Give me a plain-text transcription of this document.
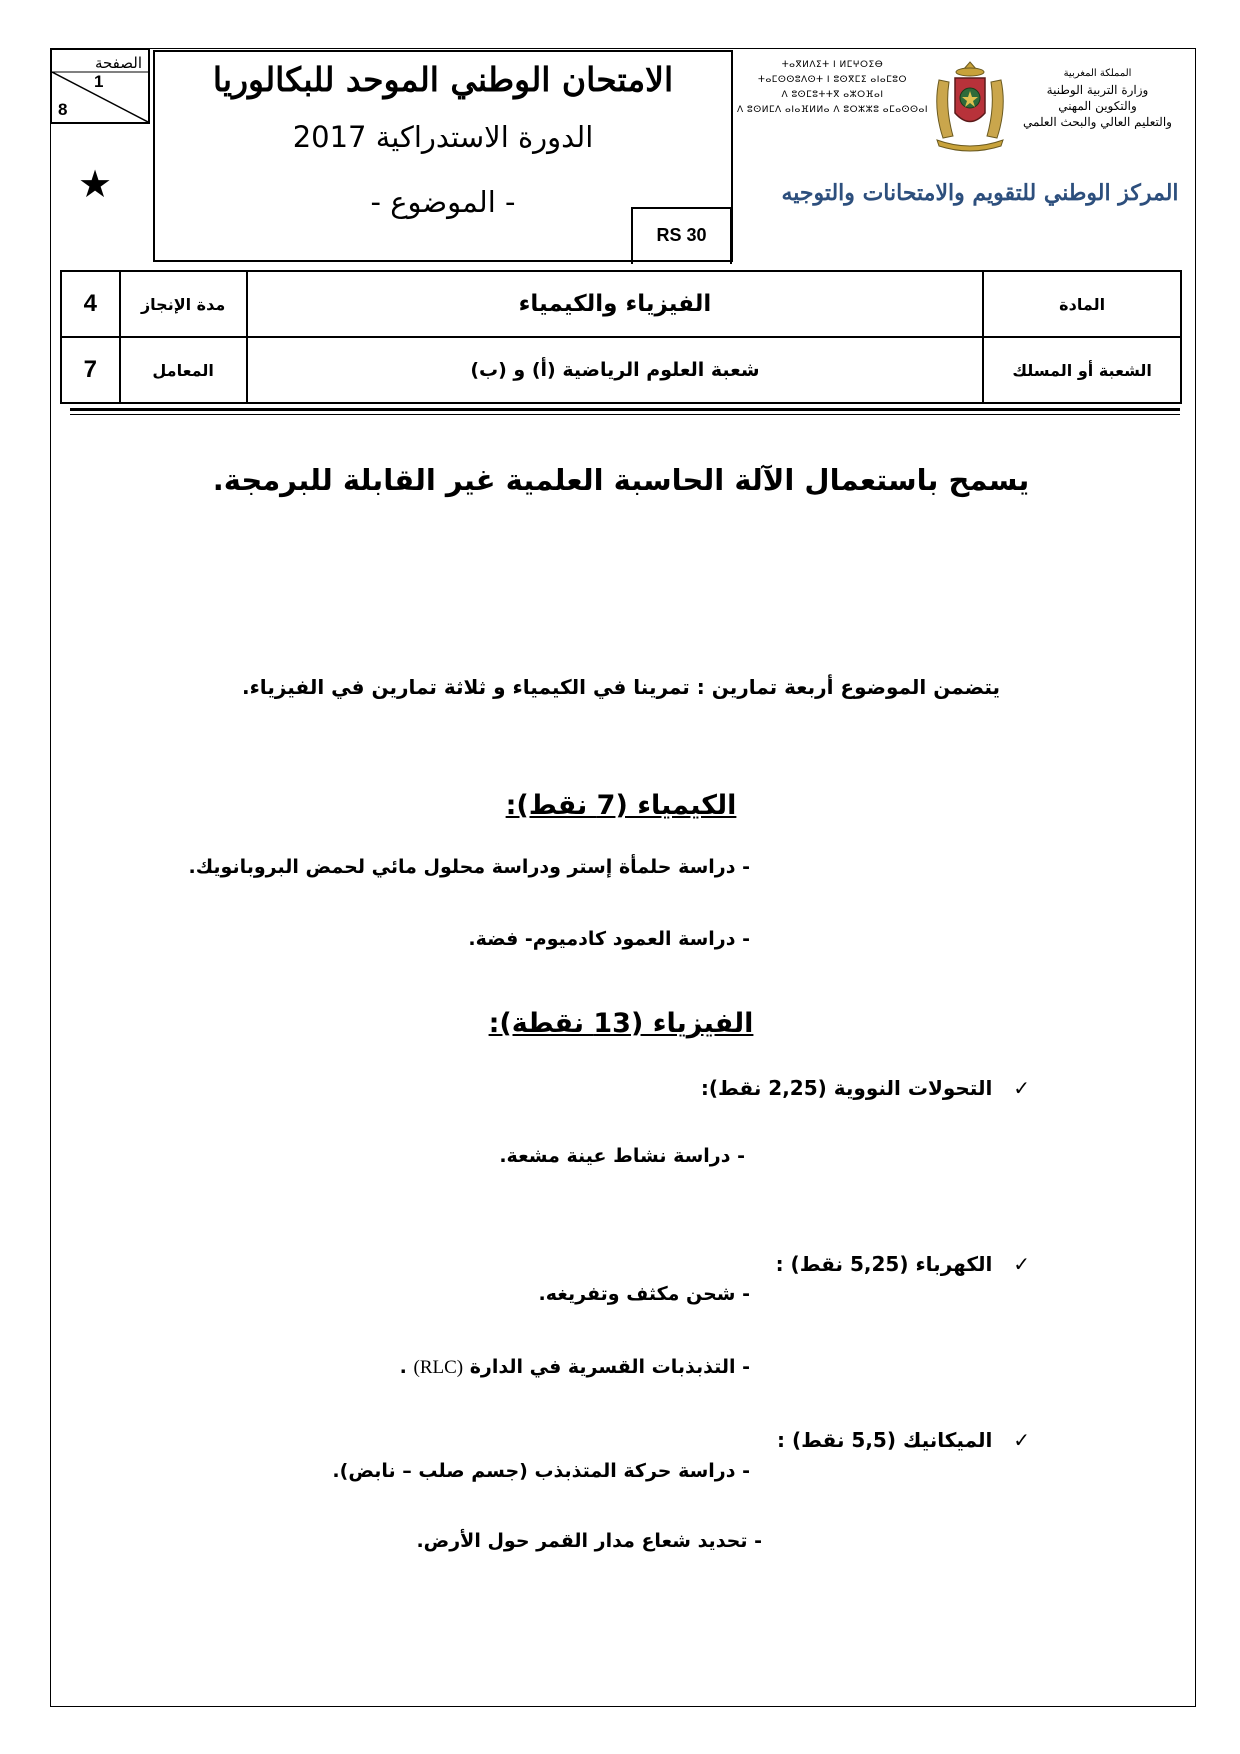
الصفحة
1
8
★
الامتحان الوطني الموحد للبكالوريا
الدورة الاستدراكية 2017
- الموضوع -
RS 30
ⵜⴰⴳⵍⴷⵉⵜ ⵏ ⵍⵎⵖⵔⵉⴱ
ⵜⴰⵎⵙⵙⵓⴷⵙⵜ ⵏ ⵓⵙⴳⵎⵉ ⴰⵏⴰⵎⵓⵔ
ⴷ ⵓⵙⵎⵓⵜⵜⴳ ⴰⵣⵔⴼⴰⵏ
ⴷ ⵓⵙⵍⵎⴷ ⴰⵏⴰⴼⵍⵍⴰ ⴷ ⵓⵔⵣⵣⵓ ⴰⵎⴰⵙⵙⴰⵏ
المملكة المغربية
وزارة التربية الوطنية
والتكوين المهني
والتعليم العالي والبحث العلمي
المركز الوطني للتقويم والامتحانات والتوجيه
المادة	الفيزياء والكيمياء	مدة الإنجاز	4
الشعبة أو المسلك	شعبة العلوم الرياضية (أ) و (ب)	المعامل	7
يسمح باستعمال الآلة الحاسبة العلمية غير القابلة للبرمجة.
يتضمن الموضوع أربعة تمارين : تمرينا في الكيمياء و ثلاثة تمارين في الفيزياء.
الكيمياء (7 نقط):
- دراسة حلمأة إستر ودراسة محلول مائي لحمض البروبانويك.
- دراسة العمود كادميوم- فضة.
الفيزياء (13 نقطة):
✓   التحولات النووية (2,25 نقط):
- دراسة نشاط عينة مشعة.
✓   الكهرباء (5,25 نقط) :
- شحن مكثف وتفريغه.
- التذبذبات القسرية في الدارة (RLC) .
✓   الميكانيك (5,5 نقط) :
- دراسة حركة المتذبذب (جسم صلب – نابض).
- تحديد شعاع مدار القمر حول الأرض.
